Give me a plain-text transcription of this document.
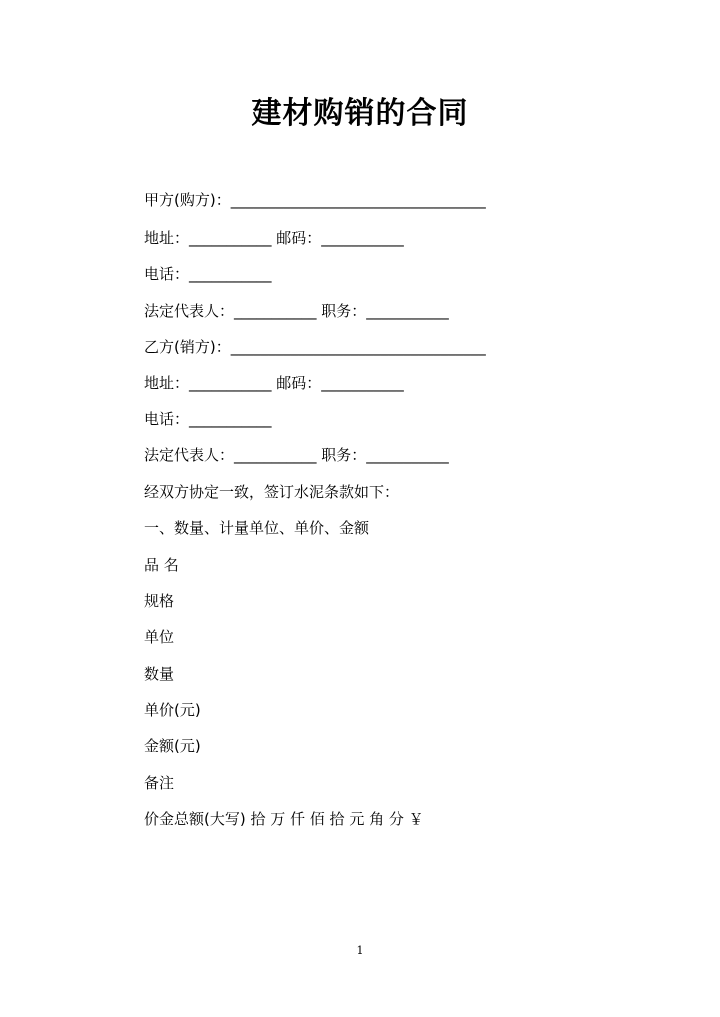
建材购销的合同
甲方(购方)：__________________________________
地址：___________ 邮码：___________
电话：___________
法定代表人：___________ 职务：___________
乙方(销方)：__________________________________
地址：___________ 邮码：___________
电话：___________
法定代表人：___________ 职务：___________
经双方协定一致，签订水泥条款如下：
一、数量、计量单位、单价、金额
品 名
规格
单位
数量
单价(元)
金额(元)
备注
价金总额(大写) 拾 万 仟 佰 拾 元 角 分 ￥
1
